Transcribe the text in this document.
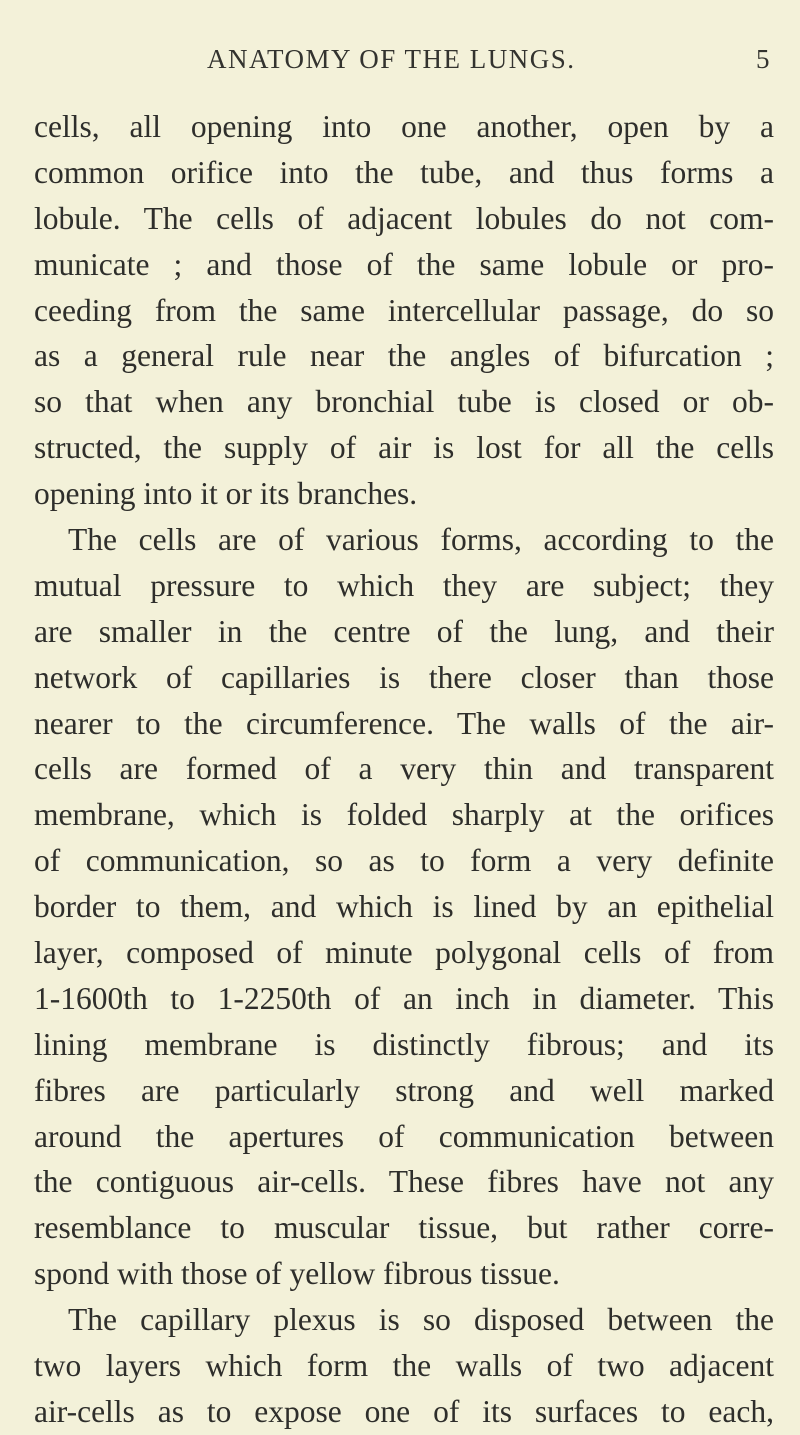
ANATOMY OF THE LUNGS.	5
cells, all opening into one another, open by a
common orifice into the tube, and thus forms a
lobule. The cells of adjacent lobules do not com-
municate ; and those of the same lobule or pro-
ceeding from the same intercellular passage, do so
as a general rule near the angles of bifurcation ;
so that when any bronchial tube is closed or ob-
structed, the supply of air is lost for all the cells
opening into it or its branches.
The cells are of various forms, according to the
mutual pressure to which they are subject; they
are smaller in the centre of the lung, and their
network of capillaries is there closer than those
nearer to the circumference. The walls of the air-
cells are formed of a very thin and transparent
membrane, which is folded sharply at the orifices
of communication, so as to form a very definite
border to them, and which is lined by an epithelial
layer, composed of minute polygonal cells of from
1-1600th to 1-2250th of an inch in diameter. This
lining membrane is distinctly fibrous; and its
fibres are particularly strong and well marked
around the apertures of communication between
the contiguous air-cells. These fibres have not any
resemblance to muscular tissue, but rather corre-
spond with those of yellow fibrous tissue.
The capillary plexus is so disposed between the
two layers which form the walls of two adjacent
air-cells as to expose one of its surfaces to each,
